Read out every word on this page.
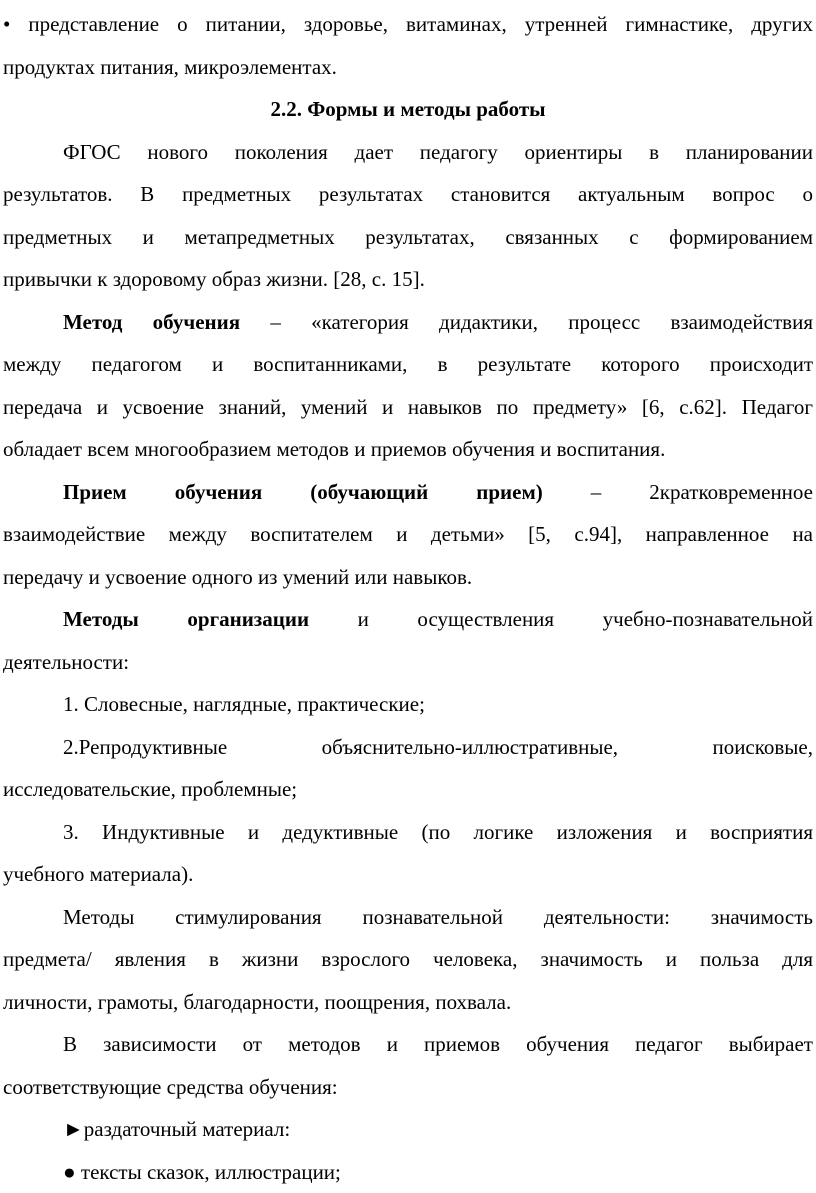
• представление о питании, здоровье, витаминах, утренней гимнастике, других

продуктах питания, микроэлементах.

2.2. Формы и методы работы

ФГОС нового поколения дает педагогу ориентиры в планировании

результатов. В предметных результатах становится актуальным вопрос о

предметных и метапредметных результатах, связанных с формированием

привычки к здоровому образ жизни. [28, с. 15].

Метод обучения – «категория дидактики, процесс взаимодействия

между педагогом и воспитанниками, в результате которого происходит

передача и усвоение знаний, умений и навыков по предмету» [6, с.62]. Педагог

обладает всем многообразием методов и приемов обучения и воспитания.

Прием обучения (обучающий прием) – 2кратковременное

взаимодействие между воспитателем и детьми» [5, с.94], направленное на

передачу и усвоение одного из умений или навыков.

Методы организации и осуществления учебно-познавательной

деятельности:

1. Словесные, наглядные, практические;

2.Репродуктивные объяснительно-иллюстративные, поисковые,

исследовательские, проблемные;

3. Индуктивные и дедуктивные (по логике изложения и восприятия

учебного материала).

Методы стимулирования познавательной деятельности: значимость

предмета/ явления в жизни взрослого человека, значимость и польза для

личности, грамоты, благодарности, поощрения, похвала.

В зависимости от методов и приемов обучения педагог выбирает

соответствующие средства обучения:

►раздаточный материал:

● тексты сказок, иллюстрации;
